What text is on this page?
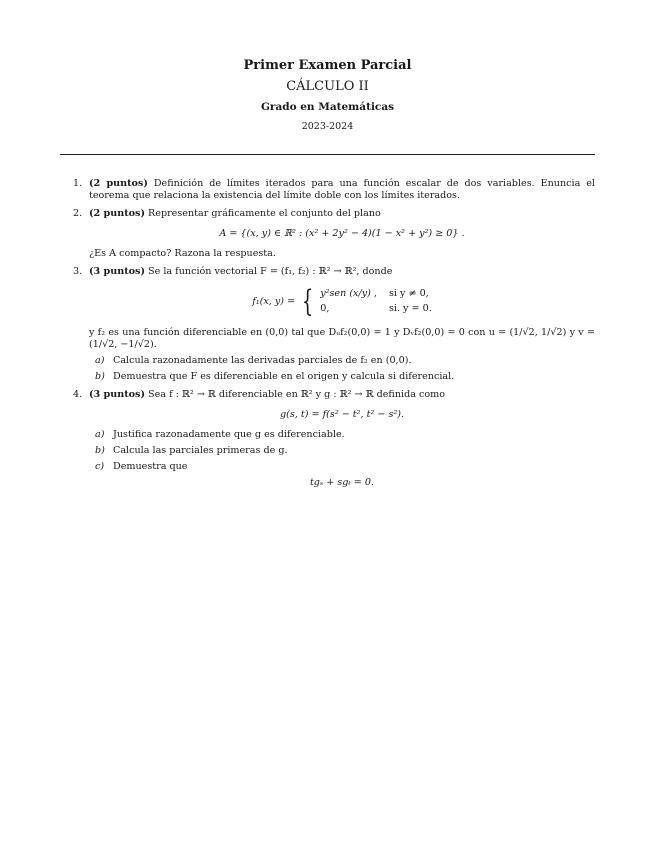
Primer Examen Parcial
CÁLCULO II
Grado en Matemáticas
2023-2024
1. (2 puntos) Definición de límites iterados para una función escalar de dos variables. Enuncia el teorema que relaciona la existencia del límite doble con los límites iterados.
2. (2 puntos) Representar gráficamente el conjunto del plano
A = {(x, y) ∈ ℝ² : (x² + 2y² − 4)(1 − x² + y²) ≥ 0} .
¿Es A compacto? Razona la respuesta.
3. (3 puntos) Se la función vectorial F = (f₁, f₂) : ℝ² → ℝ², donde
f₁(x, y) = { y²sen (x/y) , si y ≠ 0,
0,	si. y = 0.
y f₂ es una función diferenciable en (0,0) tal que Dᵤf₂(0,0) = 1 y Dᵥf₂(0,0) = 0 con u = (1/√2, 1/√2) y v = (1/√2, −1/√2).
a) Calcula razonadamente las derivadas parciales de f₂ en (0,0).
b) Demuestra que F es diferenciable en el origen y calcula si diferencial.
4. (3 puntos) Sea f : ℝ² → ℝ diferenciable en ℝ² y g : ℝ² → ℝ definida como
g(s, t) = f(s² − t², t² − s²).
a) Justifica razonadamente que g es diferenciable.
b) Calcula las parciales primeras de g.
c) Demuestra que
tgₛ + sgₜ = 0.
